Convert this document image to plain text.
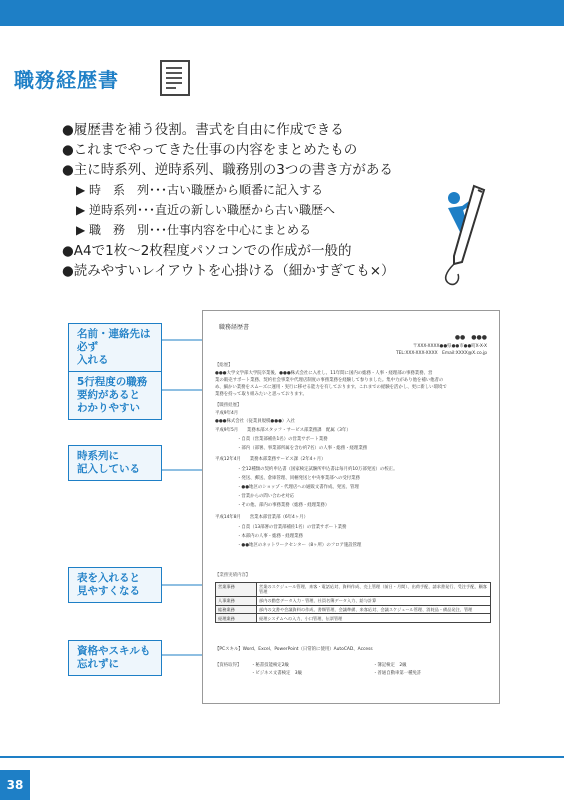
職務経歴書
●履歴書を補う役割。書式を自由に作成できる
●これまでやってきた仕事の内容をまとめたもの
●主に時系列、逆時系列、職務別の3つの書き方がある
▶ 時　系　列･･･古い職歴から順番に記入する
▶ 逆時系列･･･直近の新しい職歴から古い職歴へ
▶ 職　務　別･･･仕事内容を中心にまとめる
●A4で1枚～2枚程度パソコンでの作成が一般的
●読みやすいレイアウトを心掛ける（細かすぎても×）
名前・連絡先は必ず
入れる
5行程度の職務
要約があると
わかりやすい
時系列に
記入している
表を入れると
見やすくなる
資格やスキルも
忘れずに
職務経歴書
●●　●●●
〒XXX-XXXX●●県●●市●●町X-X-X
TEL:XXX-XXX-XXXX　Email:XXXX@X.co.jp
【総歴】
●●●大学文学部大学院卒業後、●●●株式会社に入社し、11年間に国内の総務・人事・経理部の事務業務、営
業の販売サポート業務、契約社会事業や代理店制度の事務業務を経験して参りました。集中力があり他を補い他者の
め、細かい業務をスムーズに運用・実行に移せる能力を有しております。これまでの経験を活かし、更に新しい環境で
業務を持って取り組みたいと思っております。
【職務経歴】
平成9年4月
●●●株式会社（従業員規模●●●）入社
平成9年5月　　業務本部スタッフ・サービス部業務課　配属（3年）
・自責（営業部補佐1名）の営業サポート業務
・部内（部署、事業部所属を含む約7名）の人事・総務・経理業務
平成12年4月　　業務本部業務サービス課（2年4ヶ月）
・全12種類の契約申込書（国家検定試験所申込書は毎月約10万部発送）の校正。
・発送、郵送、倉庫管理、同梱発送と中央事業部への受付業務
・●●地区のショップ・代理店への通販文書作成、発送、管理
・営業からの問い合わせ対応
・その他、部内の事務業務（総務・経理業務）
平成14年8月　　営業本部営業部（6年4ヶ月）
・自責（13部署の営業部補佐1名）の営業サポート業務
・本部内の人事・総務・経理業務
・●●地区のネットワークセンター（8ヶ所）のフロア施設管理
【業務実績内容】
営業事務	営業のスケジュール管理、来客・電話応対、資料作成、売上管理（前日・月間）、出荷手配、請求書発行、受注手配、顧客管理
人事業務	部内の勤怠データ入力・管理、社員名簿データ入力、給与計算
総務業務	部内の文書や会議資料の作成、書類管理、会議準備、来客応対、会議スケジュール管理、消耗品・備品発注、管理
経理業務	経理システムへの入力、小口管理、伝票管理
【PCスキル】Word、Excel、PowerPoint（日常的に使用）AutoCAD、Access
【資格取得】 ・秘書技能検定2級	・簿記検定　2級
・ビジネス文書検定　3級	・普通自動車第一種免許
38
